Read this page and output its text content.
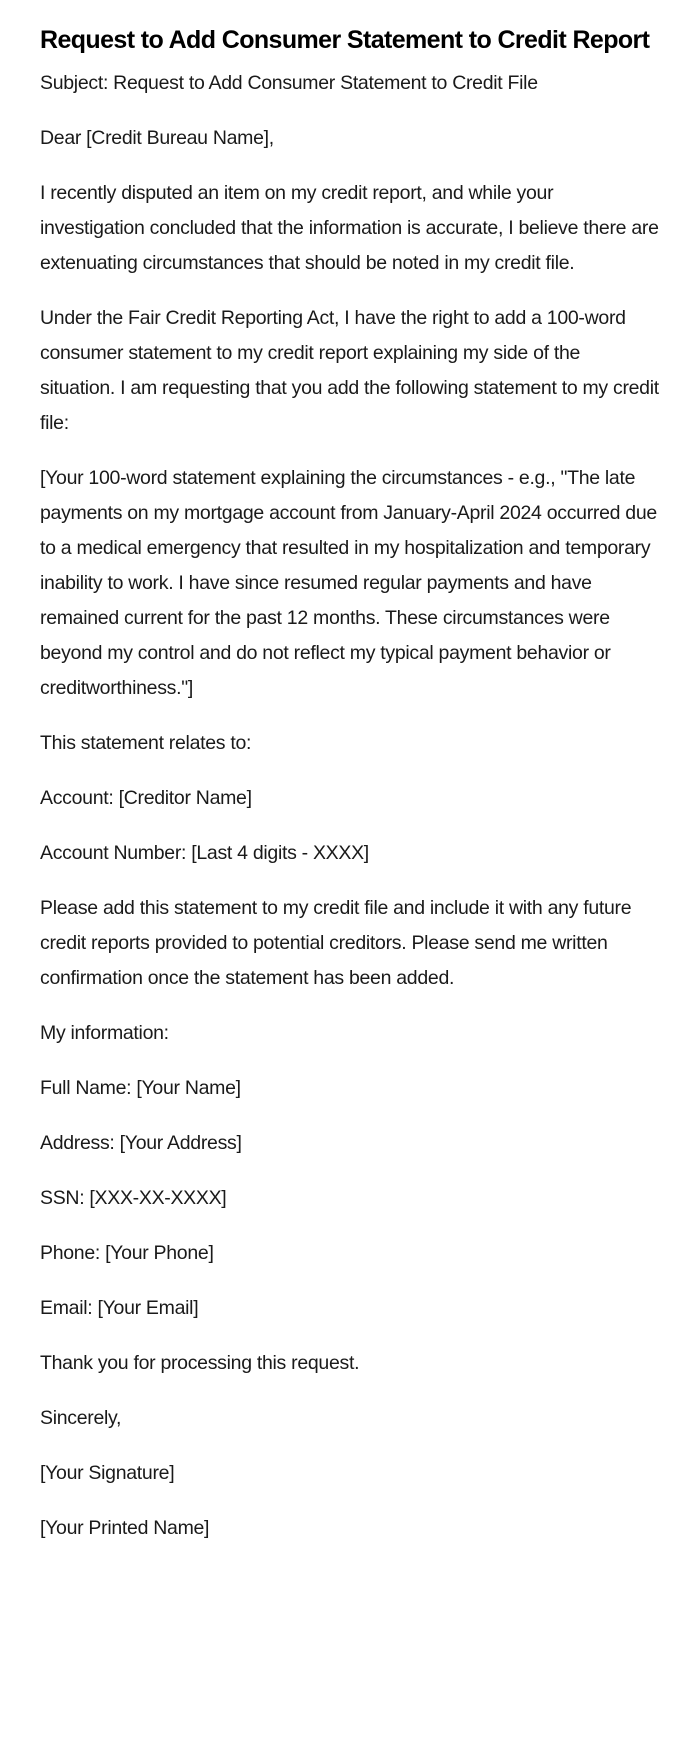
Request to Add Consumer Statement to Credit Report

Subject: Request to Add Consumer Statement to Credit File

Dear [Credit Bureau Name],

I recently disputed an item on my credit report, and while your investigation concluded that the information is accurate, I believe there are extenuating circumstances that should be noted in my credit file.

Under the Fair Credit Reporting Act, I have the right to add a 100-word consumer statement to my credit report explaining my side of the situation. I am requesting that you add the following statement to my credit file:

[Your 100-word statement explaining the circumstances - e.g., "The late payments on my mortgage account from January-April 2024 occurred due to a medical emergency that resulted in my hospitalization and temporary inability to work. I have since resumed regular payments and have remained current for the past 12 months. These circumstances were beyond my control and do not reflect my typical payment behavior or creditworthiness."]

This statement relates to:

Account: [Creditor Name]

Account Number: [Last 4 digits - XXXX]

Please add this statement to my credit file and include it with any future credit reports provided to potential creditors. Please send me written confirmation once the statement has been added.

My information:

Full Name: [Your Name]

Address: [Your Address]

SSN: [XXX-XX-XXXX]

Phone: [Your Phone]

Email: [Your Email]

Thank you for processing this request.

Sincerely,

[Your Signature]

[Your Printed Name]
